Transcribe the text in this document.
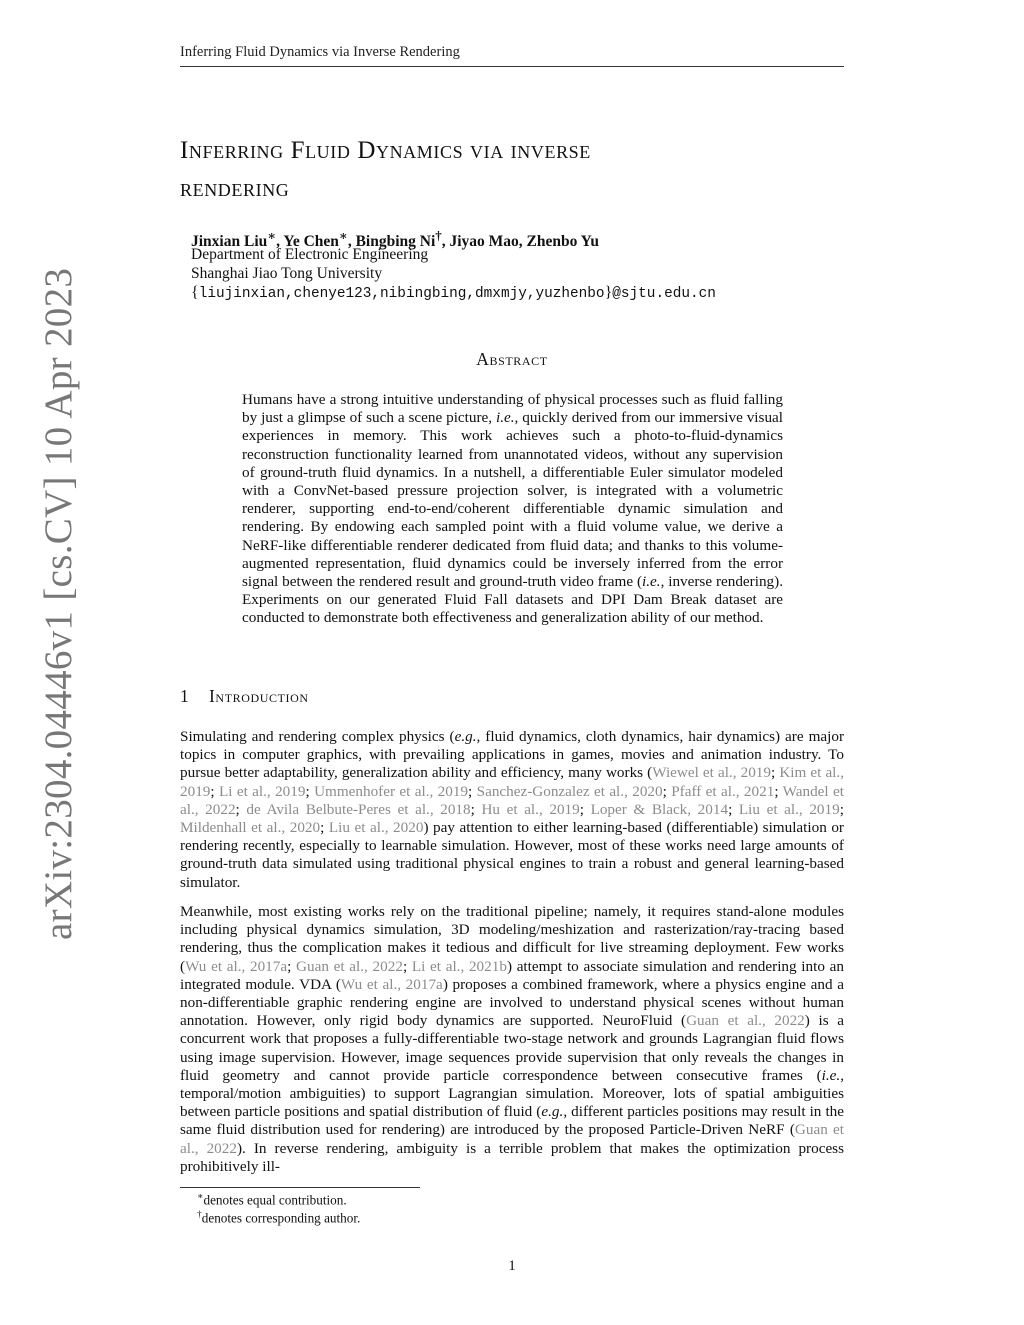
Inferring Fluid Dynamics via Inverse Rendering
Inferring Fluid Dynamics via inverse
rendering
Jinxian Liu∗, Ye Chen∗, Bingbing Ni†, Jiyao Mao, Zhenbo Yu
Department of Electronic Engineering
Shanghai Jiao Tong University
{liujinxian,chenye123,nibingbing,dmxmjy,yuzhenbo}@sjtu.edu.cn
arXiv:2304.04446v1 [cs.CV] 10 Apr 2023	Abstract
Humans have a strong intuitive understanding of physical processes such as fluid falling by just a glimpse of such a scene picture, i.e., quickly derived from our immersive visual experiences in memory. This work achieves such a photo-to-fluid-dynamics reconstruction functionality learned from unannotated videos, without any supervision of ground-truth fluid dynamics. In a nutshell, a differentiable Euler simulator modeled with a ConvNet-based pressure projection solver, is integrated with a volumetric renderer, supporting end-to-end/coherent differentiable dynamic simulation and rendering. By endowing each sampled point with a fluid volume value, we derive a NeRF-like differentiable renderer dedicated from fluid data; and thanks to this volume-augmented representation, fluid dynamics could be inversely inferred from the error signal between the rendered result and ground-truth video frame (i.e., inverse rendering). Experiments on our generated Fluid Fall datasets and DPI Dam Break dataset are conducted to demonstrate both effectiveness and generalization ability of our method.
1 Introduction
Simulating and rendering complex physics (e.g., fluid dynamics, cloth dynamics, hair dynamics) are major topics in computer graphics, with prevailing applications in games, movies and animation industry. To pursue better adaptability, generalization ability and efficiency, many works (Wiewel et al., 2019; Kim et al., 2019; Li et al., 2019; Ummenhofer et al., 2019; Sanchez-Gonzalez et al., 2020; Pfaff et al., 2021; Wandel et al., 2022; de Avila Belbute-Peres et al., 2018; Hu et al., 2019; Loper & Black, 2014; Liu et al., 2019; Mildenhall et al., 2020; Liu et al., 2020) pay attention to either learning-based (differentiable) simulation or rendering recently, especially to learnable simulation. However, most of these works need large amounts of ground-truth data simulated using traditional physical engines to train a robust and general learning-based simulator.
Meanwhile, most existing works rely on the traditional pipeline; namely, it requires stand-alone modules including physical dynamics simulation, 3D modeling/meshization and rasterization/ray-tracing based rendering, thus the complication makes it tedious and difficult for live streaming deployment. Few works (Wu et al., 2017a; Guan et al., 2022; Li et al., 2021b) attempt to associate simulation and rendering into an integrated module. VDA (Wu et al., 2017a) proposes a combined framework, where a physics engine and a non-differentiable graphic rendering engine are involved to understand physical scenes without human annotation. However, only rigid body dynamics are supported. NeuroFluid (Guan et al., 2022) is a concurrent work that proposes a fully-differentiable two-stage network and grounds Lagrangian fluid flows using image supervision. However, image sequences provide supervision that only reveals the changes in fluid geometry and cannot provide particle correspondence between consecutive frames (i.e., temporal/motion ambiguities) to support Lagrangian simulation. Moreover, lots of spatial ambiguities between particle positions and spatial distribution of fluid (e.g., different particles positions may result in the same fluid distribution used for rendering) are introduced by the proposed Particle-Driven NeRF (Guan et al., 2022). In reverse rendering, ambiguity is a terrible problem that makes the optimization process prohibitively ill-
∗denotes equal contribution.
†denotes corresponding author.
1
